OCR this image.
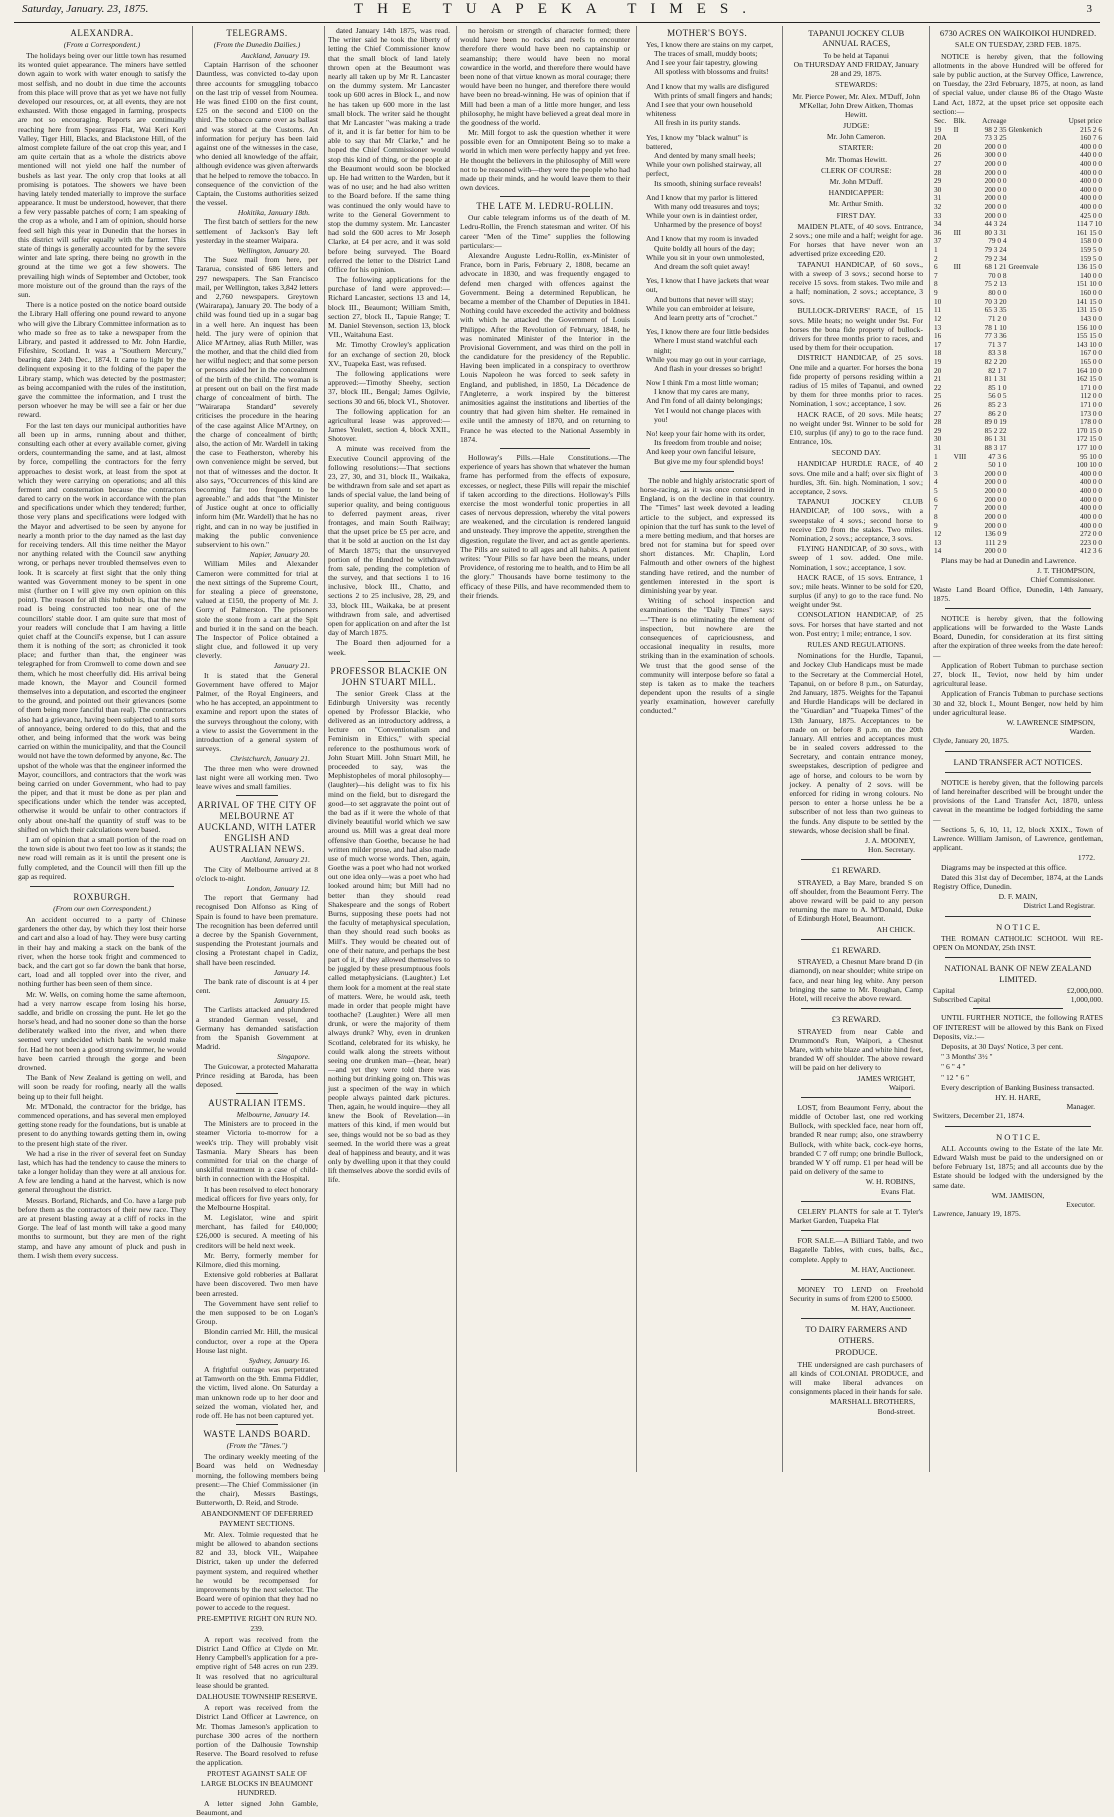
Saturday, January. 23, 1875.	THE TUAPEKA TIMES.	3
ALEXANDRA.
(From a Correspondent.)

The holidays being over our little town has resumed its wonted quiet appearance. The miners have settled down again to work with water enough to satisfy the most selfish, and no doubt in due time the accounts from this place will prove that as yet we have not fully developed our resources, or, at all events, they are not exhausted. With those engaged in farming, prospects are not so encouraging. Reports are continually reaching here from Speargrass Flat, Wai Keri Keri Valley, Tiger Hill, Blacks, and Blackstone Hill, of the almost complete failure of the oat crop this year, and I am quite certain that as a whole the districts above mentioned will not yield one half the number of bushels as last year. The only crop that looks at all promising is potatoes. The showers we have been having lately tended materially to improve the surface appearance. It must be understood, however, that there a few very passable patches of corn; I am speaking of the crop as a whole, and I am of opinion, should horse feed sell high this year in Dunedin that the horses in this district will suffer equally with the farmer. This state of things is generally accounted for by the severe winter and late spring, there being no growth in the ground at the time we got a few showers. The prevailing high winds of September and October, took more moisture out of the ground than the rays of the sun.

There is a notice posted on the notice board outside the Library Hall offering one pound reward to anyone who will give the Library Committee information as to who made so free as to take a newspaper from the Library, and pasted it addressed to Mr. John Hardie, Fifeshire, Scotland. It was a "Southern Mercury," bearing date 24th Dec., 1874. It came to light by the delinquent exposing it to the folding of the paper the Library stamp, which was detected by the postmaster; as being accompanied with the rules of the institution, gave the committee the information, and I trust the person whoever he may be will see a fair or her due reward.

For the last ten days our municipal authorities have all been up in arms, running about and thither, consulting each other at every available corner, giving orders, countermanding the same, and at last, almost by force, compelling the contractors for the ferry approaches to desist work, at least from the spot at which they were carrying on operations; and all this ferment and consternation because the contractors dared to carry on the work in accordance with the plan and specifications under which they tendered; further, those very plans and specifications were lodged with the Mayor and advertised to be seen by anyone for nearly a month prior to the day named as the last day for receiving tenders. All this time neither the Mayor nor anything related with the Council saw anything wrong, or perhaps never troubled themselves even to look. It is scarcely at first sight that the only thing wanted was Government money to be spent in one mist (further on I will give my own opinion on this point). The reason for all this hubbub is, that the new road is being constructed too near one of the councillors' stable door. I am quite sure that most of your readers will conclude that I am having a little quiet chaff at the Council's expense, but I can assure them it is nothing of the sort; as chronicled it took place; and further than that, the engineer was telegraphed for from Cromwell to come down and see them, which he most cheerfully did. His arrival being made known, the Mayor and Council formed themselves into a deputation, and escorted the engineer to the ground, and pointed out their grievances (some of them being more fanciful than real). The contractors also had a grievance, having been subjected to all sorts of annoyance, being ordered to do this, that and the other, and being informed that the work was being carried on within the municipality, and that the Council would not have the town deformed by anyone, &c. The upshot of the whole was that the engineer informed the Mayor, councillors, and contractors that the work was being carried on under Government, who had to pay the piper, and that it must be done as per plan and specifications under which the tender was accepted, otherwise it would be unfair to other contractors if only about one-half the quantity of stuff was to be shifted on which their calculations were based.

I am of opinion that a small portion of the road on the town side is about two feet too low as it stands; the new road will remain as it is until the present one is fully completed, and the Council will then fill up the gap as required.

ROXBURGH.
(From our own Correspondent.)

An accident occurred to a party of Chinese gardeners the other day, by which they lost their horse and cart and also a load of hay. They were busy carting in their hay and making a stack on the bank of the river, when the horse took fright and commenced to back, and the cart got so far down the bank that horse, cart, load and all toppled over into the river, and nothing further has been seen of them since.

Mr. W. Wells, on coming home the same afternoon, had a very narrow escape from losing his horse, saddle, and bridle on crossing the punt. He let go the horse's head, and had no sooner done so than the horse deliberately walked into the river, and when there seemed very undecided which bank he would make for. Had he not been a good strong swimmer, he would have been carried through the gorge and been drowned.

The Bank of New Zealand is getting on well, and will soon be ready for roofing, nearly all the walls being up to their full height.

Mr. M'Donald, the contractor for the bridge, has commenced operations, and has several men employed getting stone ready for the foundations, but is unable at present to do anything towards getting them in, owing to the present high state of the river.

We had a rise in the river of several feet on Sunday last, which has had the tendency to cause the miners to take a longer holiday than they were at all anxious for. A few are lending a hand at the harvest, which is now general throughout the district.

Messrs. Borland, Richards, and Co. have a large pub before them as the contractors of their new race. They are at present blasting away at a cliff of rocks in the Gorge. The leaf of last month will take a good many months to surmount, but they are men of the right stamp, and have any amount of pluck and push in them. I wish them every success.

TELEGRAMS.
(From the Dunedin Dailies.)
Auckland, January 19.

Captain Harrison of the schooner Dauntless, was convicted to-day upon three accounts for smuggling tobacco on the last trip of vessel from Noumea. He was fined £100 on the first count, £25 on the second and £100 on the third. The tobacco came over as ballast and was stored at the Customs. An information for perjury has been laid against one of the witnesses in the case, who denied all knowledge of the affair, although evidence was given afterwards that he helped to remove the tobacco. In consequence of the conviction of the Captain, the Customs authorities seized the vessel.

Hokitika, January 18th.

The first batch of settlers for the new settlement of Jackson's Bay left yesterday in the steamer Waipara.

Wellington, January 20.

The Suez mail from here, per Tararua, consisted of 686 letters and 297 newspapers. The San Francisco mail, per Wellington, takes 3,842 letters and 2,760 newspapers. Greytown (Wairarapa), January 20. The body of a child was found tied up in a sugar bag in a well here. An inquest has been held. The jury were of opinion that Alice M'Artney, alias Ruth Miller, was the mother, and that the child died from her wilful neglect; and that some person or persons aided her in the concealment of the birth of the child. The woman is at present out on bail on the first made charge of concealment of birth. The "Wairarapa Standard" severely criticises the procedure in the hearing of the case against Alice M'Artney, on the charge of concealment of birth; also, the action of Mr. Wardell in taking the case to Featherston, whereby his own convenience might be served, but not that of witnesses and the doctor. It also says, "Occurrences of this kind are becoming far too frequent to be agreeable." and adds that "the Minister of Justice ought at once to officially inform him (Mr. Wardell) that he has no right, and can in no way be justified in making the public convenience subservient to his own."

Napier, January 20.

William Miles and Alexander Cameron were committed for trial at the next sittings of the Supreme Court, for stealing a piece of greenstone, valued at £150, the property of Mr. J. Gorry of Palmerston. The prisoners stole the stone from a cart at the Spit and buried it in the sand on the beach. The Inspector of Police obtained a slight clue, and followed it up very cleverly.

January 21.

It is stated that the General Government have offered to Major Palmer, of the Royal Engineers, and who he has accepted, an appointment to examine and report upon the states of the surveys throughout the colony, with a view to assist the Government in the introduction of a general system of surveys.

Christchurch, January 21.

The three men who were drowned last night were all working men. Two leave wives and small families.

ARRIVAL OF THE CITY OF MELBOURNE AT AUCKLAND, WITH LATER ENGLISH AND AUSTRALIAN NEWS.
Auckland, January 21.

The City of Melbourne arrived at 8 o'clock to-night.

London, January 12.

The report that Germany had recognised Don Alfonso as King of Spain is found to have been premature. The recognition has been deferred until a decree by the Spanish Government, suspending the Protestant journals and closing a Protestant chapel in Cadiz, shall have been rescinded.

January 14.

The bank rate of discount is at 4 per cent.

January 15.

The Carlists attacked and plundered a stranded German vessel, and Germany has demanded satisfaction from the Spanish Government at Madrid.

Singapore.

The Guicowar, a protected Maharatta Prince residing at Baroda, has been deposed.

AUSTRALIAN ITEMS.
Melbourne, January 14.

The Ministers are to proceed in the steamer Victoria to-morrow for a week's trip. They will probably visit Tasmania. Mary Shears has been committed for trial on the charge of unskilful treatment in a case of child-birth in connection with the Hospital.

It has been resolved to elect honorary medical officers for five years only, for the Melbourne Hospital.

M. Legislator, wine and spirit merchant, has failed for £40,000; £26,000 is secured. A meeting of his creditors will be held next week.

Mr. Berry, formerly member for Kilmore, died this morning.

Extensive gold robberies at Ballarat have been discovered. Two men have been arrested.

The Government have sent relief to the men supposed to be on Logan's Group.

Blondin carried Mr. Hill, the musical conductor, over a rope at the Opera House last night.

Sydney, January 16.

A frightful outrage was perpetrated at Tamworth on the 9th. Emma Fiddler, the victim, lived alone. On Saturday a man unknown rode up to her door and seized the woman, violated her, and rode off. He has not been captured yet.

WASTE LANDS BOARD.
(From the "Times.")

The ordinary weekly meeting of the Board was held on Wednesday morning, the following members being present:—The Chief Commissioner (in the chair), Messrs Bastings, Butterworth, D. Reid, and Strode.

ABANDONMENT OF DEFERRED PAYMENT SECTIONS.

Mr. Alex. Tolmie requested that he might be allowed to abandon sections 82 and 33, block VII., Waipahee District, taken up under the deferred payment system, and required whether he would be recompensed for improvements by the next selector. The Board were of opinion that they had no power to accede to the request.

PRE-EMPTIVE RIGHT ON RUN NO. 239.

A report was received from the District Land Office at Clyde on Mr. Henry Campbell's application for a pre-emptive right of 548 acres on run 239. It was resolved that no agricultural lease should be granted.

DALHOUSIE TOWNSHIP RESERVE.

A report was received from the District Land Officer at Lawrence, on Mr. Thomas Jameson's application to purchase 300 acres of the northern portion of the Dalhousie Township Reserve. The Board resolved to refuse the application.

PROTEST AGAINST SALE OF LARGE BLOCKS IN BEAUMONT HUNDRED.

A letter signed John Gamble, Beaumont, and

dated January 14th 1875, was read. The writer said he took the liberty of letting the Chief Commissioner know that the small block of land lately thrown open at the Beaumont was nearly all taken up by Mr R. Lancaster on the dummy system. Mr Lancaster took up 600 acres in Block L, and now he has taken up 600 more in the last small block. The writer said he thought that Mr Lancaster "was making a trade of it, and it is far better for him to be able to say that Mr Clarke," and he hoped the Chief Commissioner would stop this kind of thing, or the people at the Beaumont would soon be blocked up. He had written to the Warden, but it was of no use; and he had also written to the Board before. If the same thing was continued the only would have to write to the General Government to stop the dummy system. Mr. Lancaster had sold the 600 acres to Mr Joseph Clarke, at £4 per acre, and it was sold before being surveyed. The Board referred the letter to the District Land Office for his opinion.

The following applications for the purchase of land were approved:—Richard Lancaster, sections 13 and 14, block III., Beaumont; William Smith, section 27, block II., Tapuie Range; T. M. Daniel Stevenson, section 13, block VII., Waitahuna East.

Mr. Timothy Crowley's application for an exchange of section 20, block XV., Tuapeka East, was refused.

The following applications were approved:—Timothy Sheehy, section 37, block III., Bengal; James Ogilvie, sections 30 and 66, block VI., Shotover.

The following application for an agricultural lease was approved:—James Yeulett, section 4, block XXII., Shotover.

A minute was received from the Executive Council approving of the following resolutions:—That sections 23, 27, 30, and 31, block II., Waikaka, be withdrawn from sale and set apart as lands of special value, the land being of superior quality, and being contiguous to deferred payment areas, river frontages, and main South Railway; that the upset price be £5 per acre, and that it be sold at auction on the 1st day of March 1875; that the unsurveyed portion of the Hundred be withdrawn from sale, pending the completion of the survey, and that sections 1 to 16 inclusive, block III., Chatto, and sections 2 to 25 inclusive, 28, 29, and 33, block III., Waikaka, be at present withdrawn from sale, and advertised open for application on and after the 1st day of March 1875.

The Board then adjourned for a week.

PROFESSOR BLACKIE ON JOHN STUART MILL.

The senior Greek Class at the Edinburgh University was recently opened by Professor Blackie, who delivered as an introductory address, a lecture on "Conventionalism and Feminism in Ethics," with special reference to the posthumous work of John Stuart Mill. John Stuart Mill, he proceeded to say, was the Mephistopheles of moral philosophy—(laughter)—his delight was to fix his mind on the field, but to disregard the good—to set aggravate the point out of the bad as if it were the whole of that divinely beautiful world which we saw around us. Mill was a great deal more offensive than Goethe, because he had written milder prose, and had also made use of much worse words. Then, again, Goethe was a poet who had not worked out one idea only—was a poet who had looked around him; but Mill had no better than they should read Shakespeare and the songs of Robert Burns, supposing these poets had not the faculty of metaphysical speculation, than they should read such books as Mill's. They would be cheated out of one of their nature, and perhaps the best part of it, if they allowed themselves to be juggled by these presumptuous fools called metaphysicians. (Laughter.) Let them look for a moment at the real state of matters. Were, he would ask, teeth made in order that people might have toothache? (Laughter.) Were all men drunk, or were the majority of them always drunk? Why, even in drunken Scotland, celebrated for its whisky, he could walk along the streets without seeing one drunken man—(hear, hear)—and yet they were told there was nothing but drinking going on. This was just a specimen of the way in which people always painted dark pictures. Then, again, he would inquire—they all knew the Book of Revelation—in matters of this kind, if men would but see, things would not be so bad as they seemed. In the world there was a great deal of happiness and beauty, and it was only by dwelling upon it that they could lift themselves above the sordid evils of life.

no heroism or strength of character formed; there would have been no rocks and reefs to encounter therefore there would have been no captainship or seamanship; there would have been no moral cowardice in the world, and therefore there would have been none of that virtue known as moral courage; there would have been no hunger, and therefore there would have been no bread-winning. He was of opinion that if Mill had been a man of a little more hunger, and less philosophy, he might have believed a great deal more in the goodness of the world.

Mr. Mill forgot to ask the question whether it were possible even for an Omnipotent Being so to make a world in which men were perfectly happy and yet free. He thought the believers in the philosophy of Mill were not to be reasoned with—they were the people who had made up their minds, and he would leave them to their own devices.

THE LATE M. LEDRU-ROLLIN.

Our cable telegram informs us of the death of M. Ledru-Rollin, the French statesman and writer. Of his career "Men of the Time" supplies the following particulars:—

Alexandre Auguste Ledru-Rollin, ex-Minister of France, born in Paris, February 2, 1808, became an advocate in 1830, and was frequently engaged to defend men charged with offences against the Government. Being a determined Republican, he became a member of the Chamber of Deputies in 1841. Nothing could have exceeded the activity and boldness with which he attacked the Government of Louis Philippe. After the Revolution of February, 1848, he was nominated Minister of the Interior in the Provisional Government, and was third on the poll in the candidature for the presidency of the Republic. Having been implicated in a conspiracy to overthrow Louis Napoleon he was forced to seek safety in England, and published, in 1850, La Décadence de l'Angleterre, a work inspired by the bitterest animosities against the institutions and liberties of the country that had given him shelter. He remained in exile until the amnesty of 1870, and on returning to France he was elected to the National Assembly in 1874.

Holloway's Pills.—Hale Constitutions.—The experience of years has shown that whatever the human frame has performed from the effects of exposure, excesses, or neglect, these Pills will repair the mischief if taken according to the directions. Holloway's Pills exercise the most wonderful tonic properties in all cases of nervous depression, whereby the vital powers are weakened, and the circulation is rendered languid and unsteady. They improve the appetite, strengthen the digestion, regulate the liver, and act as gentle aperients. The Pills are suited to all ages and all habits. A patient writes: "Your Pills so far have been the means, under Providence, of restoring me to health, and to Him be all the glory." Thousands have borne testimony to the efficacy of these Pills, and have recommended them to their friends.

MOTHER'S BOYS.
Yes, I know there are stains on my carpet,
The traces of small, muddy boots;
And I see your fair tapestry, glowing
All spotless with blossoms and fruits!
And I know that my walls are disfigured
With prints of small fingers and hands;
And I see that your own household whiteness
All fresh in its purity stands.
Yes, I know my "black walnut" is battered,
And dented by many small heels;
While your own polished stairway, all perfect,
Its smooth, shining surface reveals!
And I know that my parlor is littered
With many odd treasures and toys;
While your own is in daintiest order,
Unharmed by the presence of boys!
And I know that my room is invaded
Quite boldly all hours of the day;
While you sit in your own unmolested,
And dream the soft quiet away!
Yes, I know that I have jackets that wear out,
And buttons that never will stay;
While you can embroider at leisure,
And learn pretty arts of "crochet."
Yes, I know there are four little bedsides
Where I must stand watchful each night;
While you may go out in your carriage,
And flash in your dresses so bright!
Now I think I'm a most little woman;
I know that my cares are many,
And I'm fond of all dainty belongings;
Yet I would not change places with you!
No! keep your fair home with its order,
Its freedom from trouble and noise;
And keep your own fanciful leisure,
But give me my four splendid boys!

The noble and highly aristocratic sport of horse-racing, as it was once considered in England, is on the decline in that country. The "Times" last week devoted a leading article to the subject, and expressed its opinion that the turf has sunk to the level of a mere betting medium, and that horses are bred not for stamina but for speed over short distances. Mr. Chaplin, Lord Falmouth and other owners of the highest standing have retired, and the number of gentlemen interested in the sport is diminishing year by year.

Writing of school inspection and examinations the "Daily Times" says:—"There is no eliminating the element of inspection, but nowhere are the consequences of capriciousness, and occasional inequality in results, more striking than in the examination of schools. We trust that the good sense of the community will interpose before so fatal a step is taken as to make the teachers dependent upon the results of a single yearly examination, however carefully conducted."

TAPANUI JOCKEY CLUB ANNUAL RACES,
To be held at Tapanui
On THURSDAY AND FRIDAY, January 28 and 29, 1875.
STEWARDS:
Mr. Pierce Power, Mr. Alex. M'Duff, John M'Kellar, John Drew Aitken, Thomas Hewitt.
JUDGE:
Mr. John Cameron.
STARTER:
Mr. Thomas Hewitt.
CLERK OF COURSE:
Mr. John M'Duff.
HANDICAPPER:
Mr. Arthur Smith.
FIRST DAY.

MAIDEN PLATE, of 40 sovs. Entrance, 2 sovs.; one mile and a half; weight for age. For horses that have never won an advertised prize exceeding £20.

TAPANUI HANDICAP, of 60 sovs., with a sweep of 3 sovs.; second horse to receive 15 sovs. from stakes. Two mile and a half; nomination, 2 sovs.; acceptance, 3 sovs.

BULLOCK-DRIVERS' RACE, of 15 sovs. Mile heats; no weight under 9st. For horses the bona fide property of bullock-drivers for three months prior to races, and used by them for their occupation.

DISTRICT HANDICAP, of 25 sovs. One mile and a quarter. For horses the bona fide property of persons residing within a radius of 15 miles of Tapanui, and owned by them for three months prior to races. Nomination, 1 sov.; acceptance, 1 sov.

HACK RACE, of 20 sovs. Mile heats; no weight under 9st. Winner to be sold for £10, surplus (if any) to go to the race fund. Entrance, 10s.

SECOND DAY.

HANDICAP HURDLE RACE, of 40 sovs. One mile and a half; over six flight of hurdles, 3ft. 6in. high. Nomination, 1 sov.; acceptance, 2 sovs.

TAPANUI JOCKEY CLUB HANDICAP, of 100 sovs., with a sweepstake of 4 sovs.; second horse to receive £20 from the stakes. Two miles. Nomination, 2 sovs.; acceptance, 3 sovs.

FLYING HANDICAP, of 30 sovs., with sweep of 1 sov. added. One mile. Nomination, 1 sov.; acceptance, 1 sov.

HACK RACE, of 15 sovs. Entrance, 1 sov.; mile heats. Winner to be sold for £20, surplus (if any) to go to the race fund. No weight under 9st.

CONSOLATION HANDICAP, of 25 sovs. For horses that have started and not won. Post entry; 1 mile; entrance, 1 sov.

RULES AND REGULATIONS.

Nominations for the Hurdle, Tapanui, and Jockey Club Handicaps must be made to the Secretary at the Commercial Hotel, Tapanui, on or before 8 p.m., on Saturday, 2nd January, 1875. Weights for the Tapanui and Hurdle Handicaps will be declared in the "Guardian" and "Tuapeka Times" of the 13th January, 1875. Acceptances to be made on or before 8 p.m. on the 20th January. All entries and acceptances must be in sealed covers addressed to the Secretary, and contain entrance money, sweepstakes, description of pedigree and age of horse, and colours to be worn by jockey. A penalty of 2 sovs. will be enforced for riding in wrong colours. No person to enter a horse unless he be a subscriber of not less than two guineas to the funds. Any dispute to be settled by the stewards, whose decision shall be final.

J. A. MOONEY,
Hon. Secretary.
£1 REWARD.

STRAYED, a Bay Mare, branded S on off shoulder, from the Beaumont Ferry. The above reward will be paid to any person returning the mare to A. M'Donald, Duke of Edinburgh Hotel, Beaumont.

AH CHICK.
£1 REWARD.

STRAYED, a Chesnut Mare brand D (in diamond), on near shoulder; white stripe on face, and near hing leg white. Any person bringing the same to Mr. Roughan, Camp Hotel, will receive the above reward.

£3 REWARD.

STRAYED from near Cable and Drummond's Run, Waipori, a Chesnut Mare, with white blaze and white hind feet, branded W off shoulder. The above reward will be paid on her delivery to

JAMES WRIGHT,
Waipori.

LOST, from Beaumont Ferry, about the middle of October last, one red working Bullock, with speckled face, near horn off, branded R near rump; also, one strawberry Bullock, with white back, cock-eye horns, branded C 7 off rump; one brindle Bullock, branded W Y off rump. £1 per head will be paid on delivery of the same to

W. H. ROBINS,
Evans Flat.

CELERY PLANTS for sale at T. Tyler's Market Garden, Tuapeka Flat

FOR SALE.—A Billiard Table, and two Bagatelle Tables, with cues, balls, &c., complete. Apply to

M. HAY, Auctioneer.

MONEY TO LEND on Freehold Security in sums of from £200 to £5000.

M. HAY, Auctioneer.
TO DAIRY FARMERS AND OTHERS.
PRODUCE.

THE undersigned are cash purchasers of all kinds of COLONIAL PRODUCE, and will make liberal advances on consignments placed in their hands for sale.

MARSHALL BROTHERS,
Bond-street.
6730 ACRES ON WAIKOIKOI HUNDRED.
SALE ON TUESDAY, 23RD FEB. 1875.

NOTICE is hereby given, that the following allotments in the above Hundred will be offered for sale by public auction, at the Survey Office, Lawrence, on Tuesday, the 23rd February, 1875, at noon, as land of special value, under clause 86 of the Otago Waste Land Act, 1872, at the upset price set opposite each section:—

Sec.	Blk.	Acreage		Upset price
19	II	98 2 35	Glenkenich	215 2 6
20A		73 3 25		160 7 6
20		200 0 0		400 0 0
26		300 0 0		440 0 0
27		200 0 0		400 0 0
28		200 0 0		400 0 0
29		200 0 0		400 0 0
30		200 0 0		400 0 0
31		200 0 0		400 0 0
32		200 0 0		400 0 0
33		200 0 0		425 0 0
34		44 3 24		114 7 10
36	III	80 3 31		161 15 0
37		79 0 4		158 0 0
1		79 3 24		159 5 0
2		79 2 34		159 5 0
6	III	68 1 21	Greenvale	136 15 0
7		70 0 8		140 0 0
8		75 2 13		151 10 0
9		80 0 0		160 0 0
10		70 3 20		141 15 0
11		65 3 35		131 15 0
12		71 2 0		143 0 0
13		78 1 10		156 10 0
16		77 3 36		155 15 0
17		71 3 7		143 10 0
18		83 3 8		167 0 0
19		82 2 20		165 0 0
20		82 1 7		164 10 0
21		81 1 31		162 15 0
22		85 1 0		171 0 0
25		56 0 5		112 0 0
26		85 2 3		171 0 0
27		86 2 0		173 0 0
28		89 0 19		178 0 0
29		85 2 22		170 15 0
30		86 1 31		172 15 0
31		88 3 17		177 10 0
1	VIII	47 3 6		95 10 0
2		50 1 0		100 10 0
3		200 0 0		400 0 0
4		200 0 0		400 0 0
5		200 0 0		400 0 0
6		200 0 0		400 0 0
7		200 0 0		400 0 0
8		200 0 0		400 0 0
9		200 0 0		400 0 0
12		136 0 9		272 0 0
13		111 2 9		223 0 0
14		200 0 0		412 3 6

Plans may be had at Dunedin and Lawrence.

J. T. THOMPSON,
Chief Commissioner.
Waste Land Board Office, Dunedin, 14th January, 1875.

NOTICE is hereby given, that the following applications will be forwarded to the Waste Lands Board, Dunedin, for consideration at its first sitting after the expiration of three weeks from the date hereof:—

Application of Robert Tubman to purchase section 27, block II., Teviot, now held by him under agricultural lease.

Application of Francis Tubman to purchase sections 30 and 32, block I., Mount Benger, now held by him under agricultural lease.

W. LAWRENCE SIMPSON,
Warden.
Clyde, January 20, 1875.
LAND TRANSFER ACT NOTICES.

NOTICE is hereby given, that the following parcels of land hereinafter described will be brought under the provisions of the Land Transfer Act, 1870, unless caveat in the meantime be lodged forbidding the same—

Sections 5, 6, 10, 11, 12, block XXIX., Town of Lawrence. William Jamison, of Lawrence, gentleman, applicant.

1772.

Diagrams may be inspected at this office.

Dated this 31st day of December, 1874, at the Lands Registry Office, Dunedin.

D. F. MAIN,
District Land Registrar.
N O T I C E.

THE ROMAN CATHOLIC SCHOOL Will RE-OPEN On MONDAY, 25th INST.

NATIONAL BANK OF NEW ZEALAND LIMITED.
Capital	£2,000,000.
Subscribed Capital	1,000,000.

UNTIL FURTHER NOTICE, the following RATES OF INTEREST will be allowed by this Bank on Fixed Deposits, viz.:—

Deposits, at 30 Days' Notice, 3 per cent.

" 3 Months' 3½ "

" 6 " 4 "

" 12 " 6 "

Every description of Banking Business transacted.

HY. H. HARE,
Manager.
Switzers, December 21, 1874.
N O T I C E.

ALL Accounts owing to the Estate of the late Mr. Edward Walsh must be paid to the undersigned on or before February 1st, 1875; and all accounts due by the Estate should be lodged with the undersigned by the same date.

WM. JAMISON,
Executor.
Lawrence, January 19, 1875.
